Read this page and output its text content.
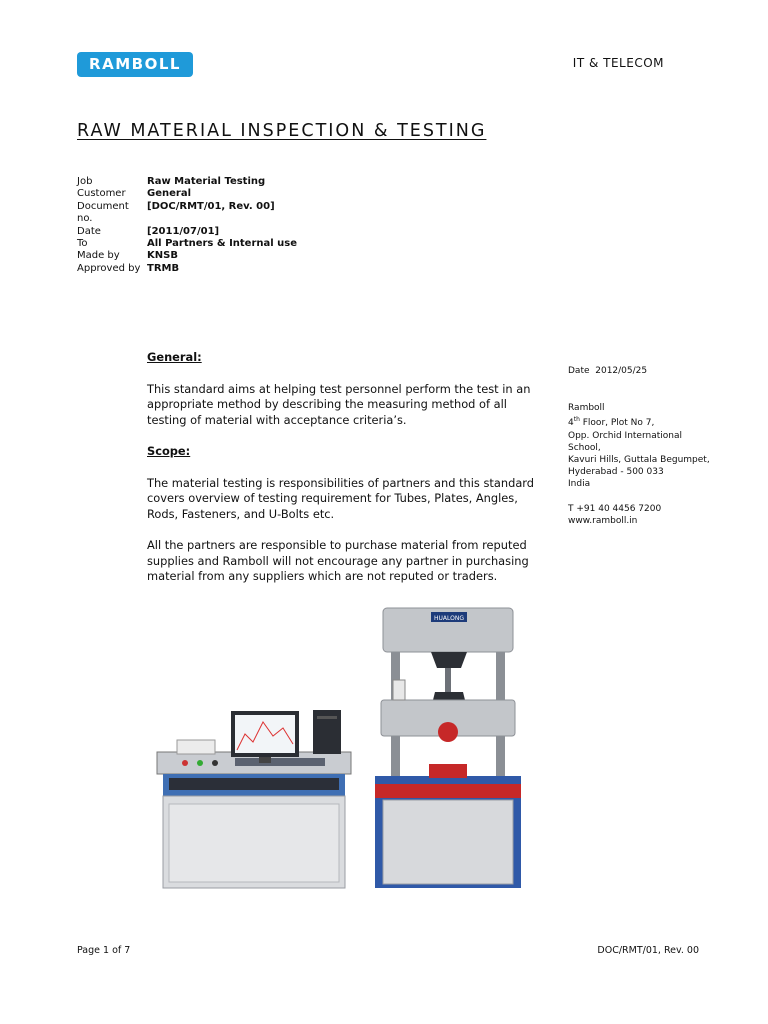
RAMBOLL	IT & TELECOM
RAW MATERIAL INSPECTION & TESTING
Job	Raw Material Testing
Customer	General
Document	[DOC/RMT/01, Rev. 00]
no.
Date	[2011/07/01]
To	All Partners & Internal use
Made by	KNSB
Approved by TRMB

General:

This standard aims at helping test personnel perform the test in an appropriate method by describing the measuring method of all testing of material with acceptance criteria’s.

Scope:

The material testing is responsibilities of partners and this standard covers overview of testing requirement for Tubes, Plates, Angles, Rods, Fasteners, and U-Bolts etc.

All the partners are responsible to purchase material from reputed supplies and Ramboll will not encourage any partner in purchasing material from any suppliers which are not reputed or traders.

Date 2012/05/25
Ramboll
4th Floor, Plot No 7,
Opp. Orchid International
School,
Kavuri Hills, Guttala Begumpet,
Hyderabad - 500 033
India
T +91 40 4456 7200
www.ramboll.in
HUALONG
Page 1 of 7	DOC/RMT/01, Rev. 00
